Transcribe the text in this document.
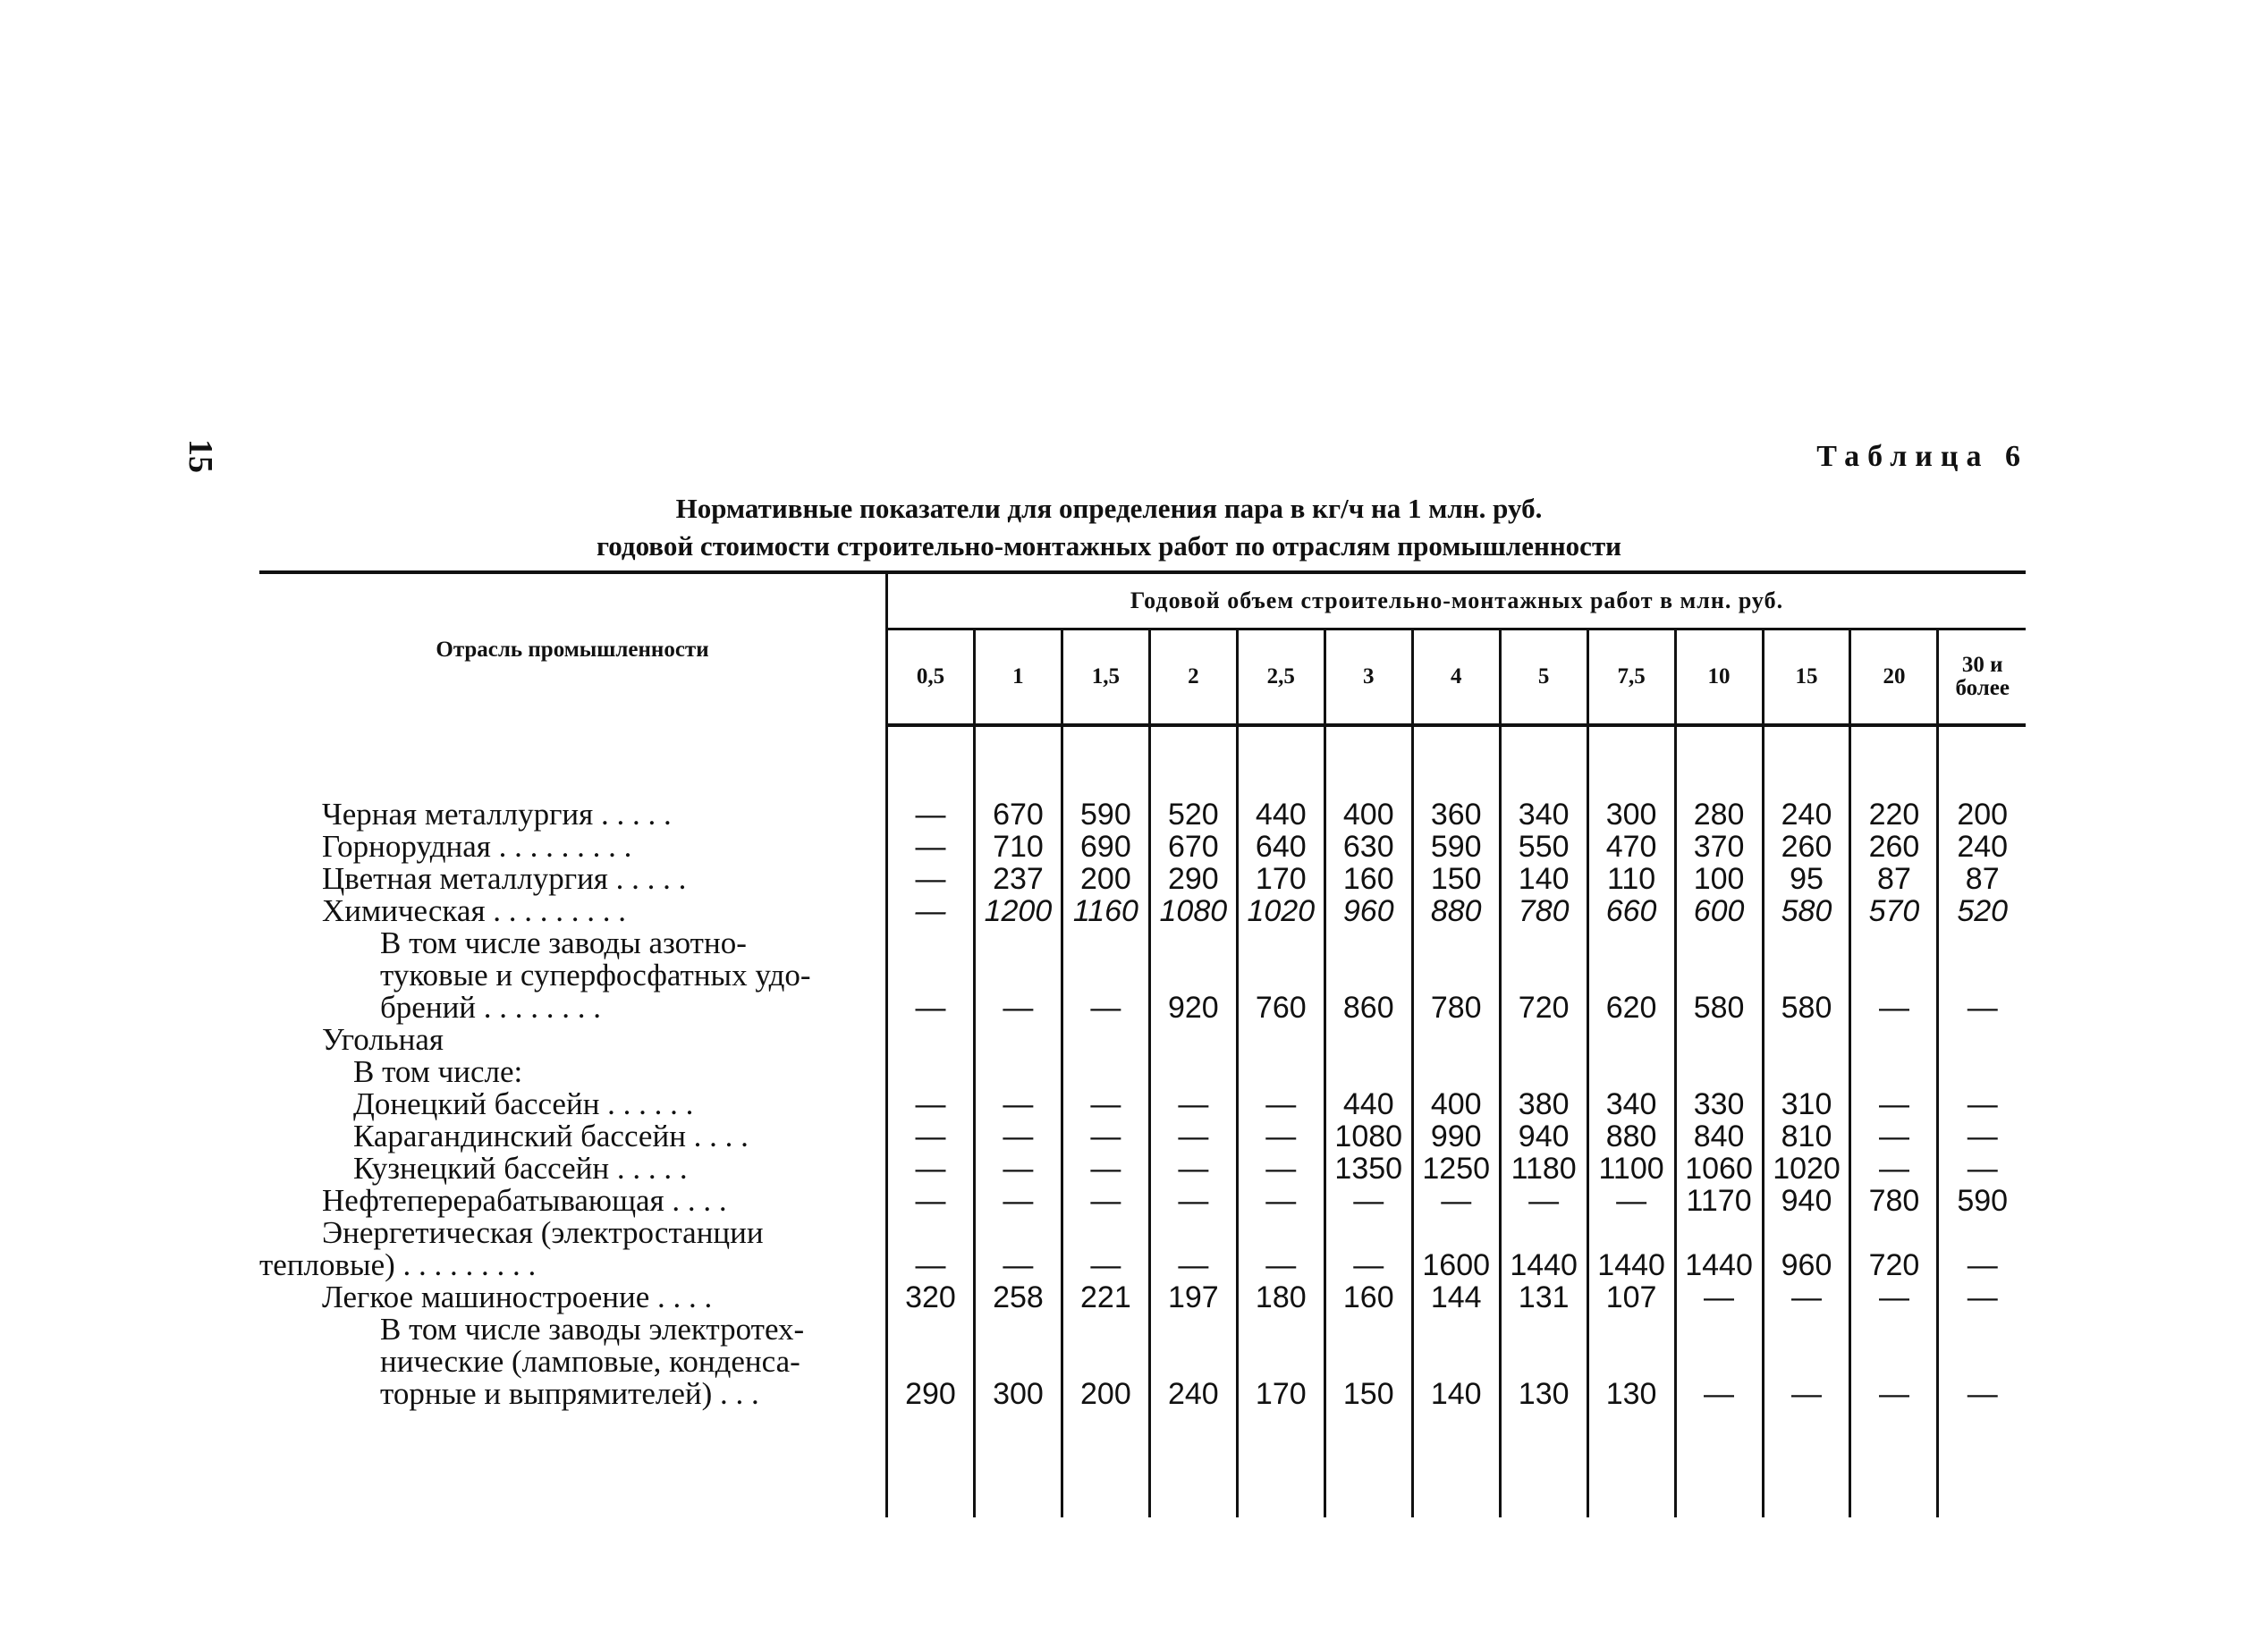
15	Таблица 6
Нормативные показатели для определения пара в кг/ч на 1 млн. руб.
годовой стоимости строительно-монтажных работ по отраслям промышленности
Отрасль промышленности	Годовой объем строительно-монтажных работ в млн. руб.												
	0,5	1	1,5	2	2,5	3	4	5	7,5	10	15	20	30 и более

Черная металлургия . . . . .	—	670	590	520	440	400	360	340	300	280	240	220	200
Горнорудная . . . . . . . . .	—	710	690	670	640	630	590	550	470	370	260	260	240
Цветная металлургия . . . . .	—	237	200	290	170	160	150	140	110	100	95	87	87
Химическая . . . . . . . . .	—	1200	1160	1080	1020	960	880	780	660	600	580	570	520

В том числе заводы азотно-
туковые и суперфосфатных удо-
брений . . . . . . . .	—	—	—	920	760	860	780	720	620	580	580	—	—
Угольная													
В том числе:													
Донецкий бассейн . . . . . .	—	—	—	—	—	440	400	380	340	330	310	—	—
Карагандинский бассейн . . . .	—	—	—	—	—	1080	990	940	880	840	810	—	—
Кузнецкий бассейн . . . . .	—	—	—	—	—	1350	1250	1180	1100	1060	1020	—	—
Нефтеперерабатывающая . . . .	—	—	—	—	—	—	—	—	—	1170	940	780	590

Энергетическая (электростанции
тепловые) . . . . . . . . .	—	—	—	—	—	—	1600	1440	1440	1440	960	720	—
Легкое машиностроение . . . .	320	258	221	197	180	160	144	131	107	—	—	—	—

В том числе заводы электротех-
нические (ламповые, конденса-
торные и выпрямителей) . . .	290	300	200	240	170	150	140	130	130	—	—	—	—
